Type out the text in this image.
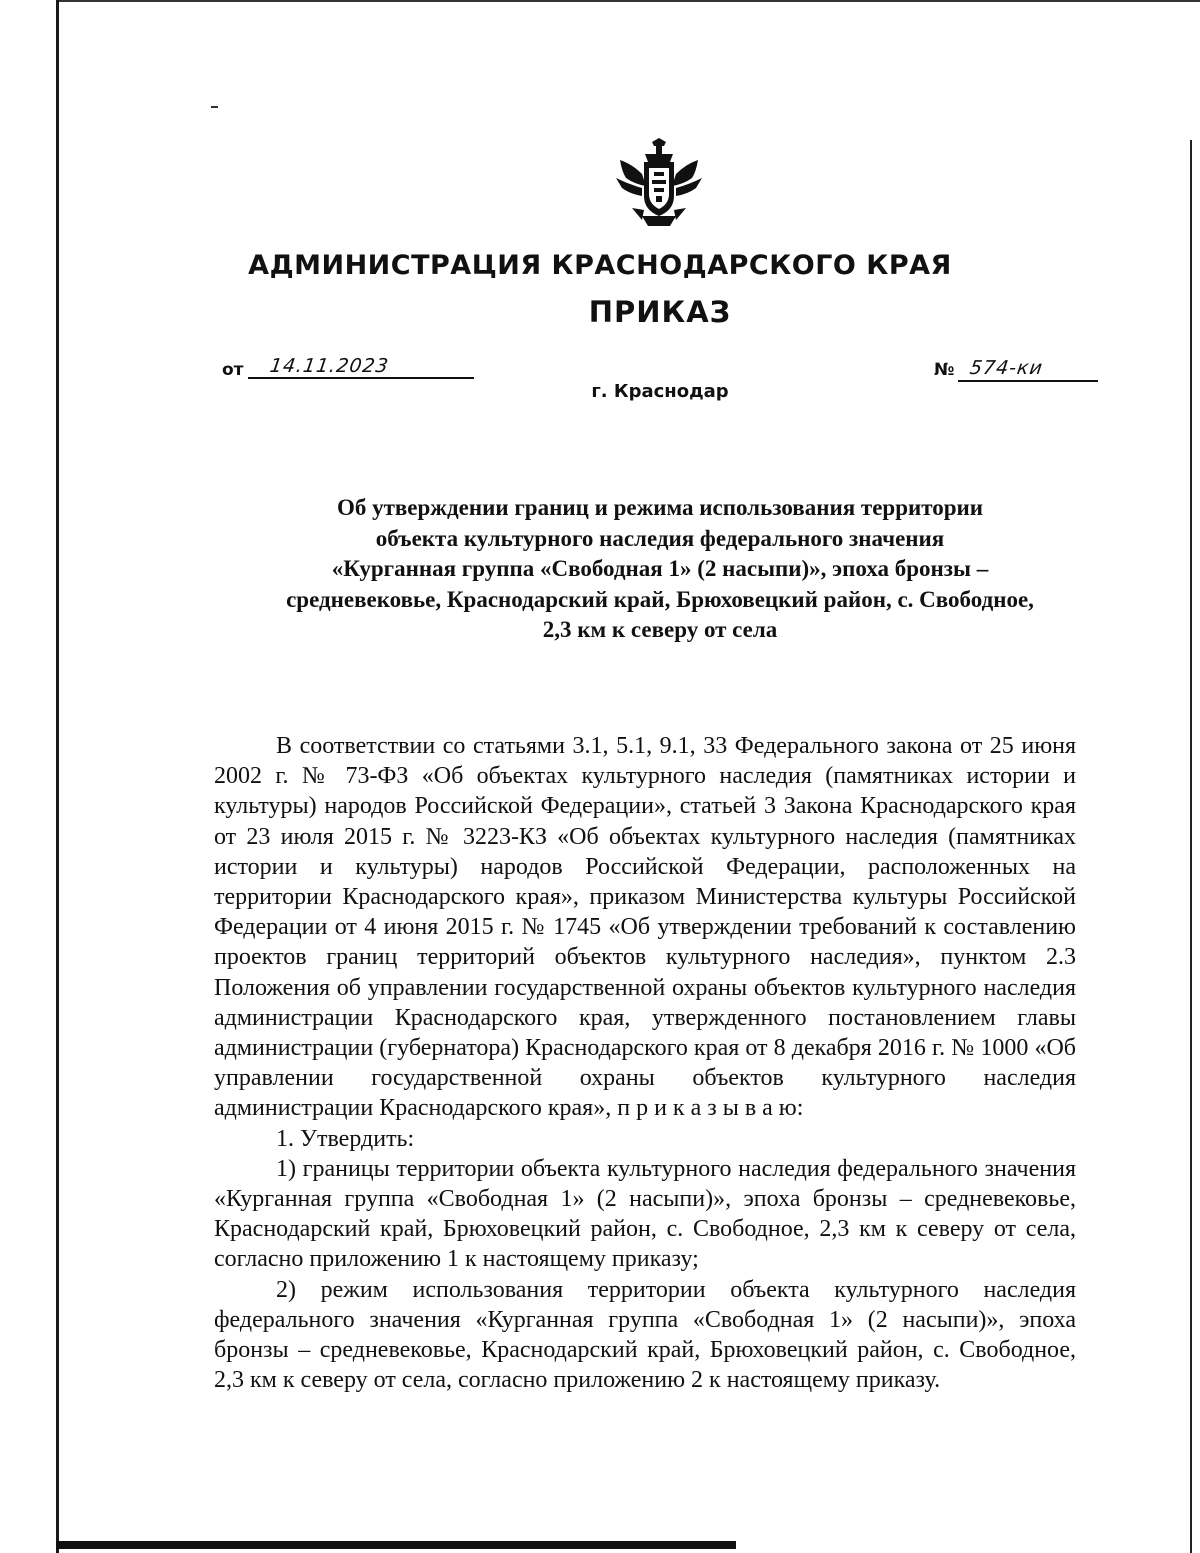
АДМИНИСТРАЦИЯ КРАСНОДАРСКОГО КРАЯ
ПРИКАЗ
от 14.11.2023	№ 574-ки
г. Краснодар
Об утверждении границ и режима использования территории
объекта культурного наследия федерального значения
«Курганная группа «Свободная 1» (2 насыпи)», эпоха бронзы –
средневековье, Краснодарский край, Брюховецкий район, с. Свободное,
2,3 км к северу от села

В соответствии со статьями 3.1, 5.1, 9.1, 33 Федерального закона от 25 июня 2002 г. № 73-ФЗ «Об объектах культурного наследия (памятниках истории и культуры) народов Российской Федерации», статьей 3 Закона Краснодарского края от 23 июля 2015 г. № 3223-КЗ «Об объектах культурного наследия (памятниках истории и культуры) народов Российской Федерации, расположенных на территории Краснодарского края», приказом Министерства культуры Российской Федерации от 4 июня 2015 г. № 1745 «Об утверждении требований к составлению проектов границ территорий объектов культурного наследия», пунктом 2.3 Положения об управлении государственной охраны объектов культурного наследия администрации Краснодарского края, утвержденного постановлением главы администрации (губернатора) Краснодарского края от 8 декабря 2016 г. № 1000 «Об управлении государственной охраны объектов культурного наследия администрации Краснодарского края», п р и к а з ы в а ю:

1. Утвердить:

1) границы территории объекта культурного наследия федерального значения «Курганная группа «Свободная 1» (2 насыпи)», эпоха бронзы – средневековье, Краснодарский край, Брюховецкий район, с. Свободное, 2,3 км к северу от села, согласно приложению 1 к настоящему приказу;

2) режим использования территории объекта культурного наследия федерального значения «Курганная группа «Свободная 1» (2 насыпи)», эпоха бронзы – средневековье, Краснодарский край, Брюховецкий район, с. Свободное, 2,3 км к северу от села, согласно приложению 2 к настоящему приказу.
